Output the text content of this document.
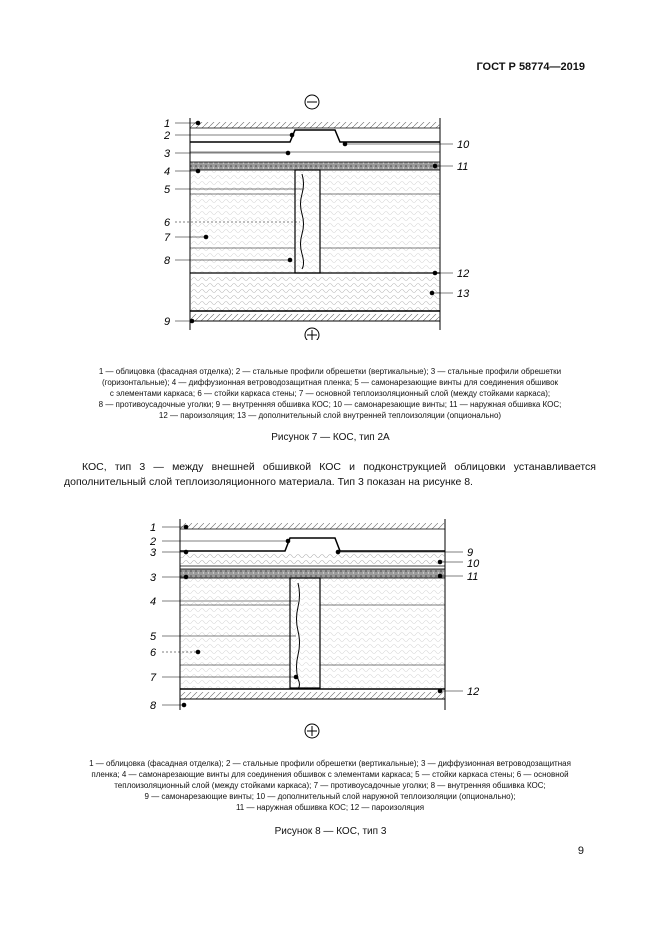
ГОСТ Р 58774—2019
1
2
3
4
5
6
7
8
9
10
11
12
13
1 — облицовка (фасадная отделка); 2 — стальные профили обрешетки (вертикальные); 3 — стальные профили обрешетки
(горизонтальные); 4 — диффузионная ветроводозащитная пленка; 5 — самонарезающие винты для соединения обшивок
с элементами каркаса; 6 — стойки каркаса стены; 7 — основной теплоизоляционный слой (между стойками каркаса);
8 — противоусадочные уголки; 9 — внутренняя обшивка КОС; 10 — самонарезающие винты; 11 — наружная обшивка КОС;
12 — пароизоляция; 13 — дополнительный слой внутренней теплоизоляции (опционально)
Рисунок 7 — КОС, тип 2А
КОС, тип 3 — между внешней обшивкой КОС и подконструкцией облицовки устанавливается дополнительный слой теплоизоляционного материала. Тип 3 показан на рисунке 8.
1
2
3
3
4
5
6
7
8
9
10
11
12
1 — облицовка (фасадная отделка); 2 — стальные профили обрешетки (вертикальные); 3 — диффузионная ветроводозащитная
пленка; 4 — самонарезающие винты для соединения обшивок с элементами каркаса; 5 — стойки каркаса стены; 6 — основной
теплоизоляционный слой (между стойками каркаса); 7 — противоусадочные уголки; 8 — внутренняя обшивка КОС;
9 — самонарезающие винты; 10 — дополнительный слой наружной теплоизоляции (опционально);
11 — наружная обшивка КОС; 12 — пароизоляция
Рисунок 8 — КОС, тип 3
9
